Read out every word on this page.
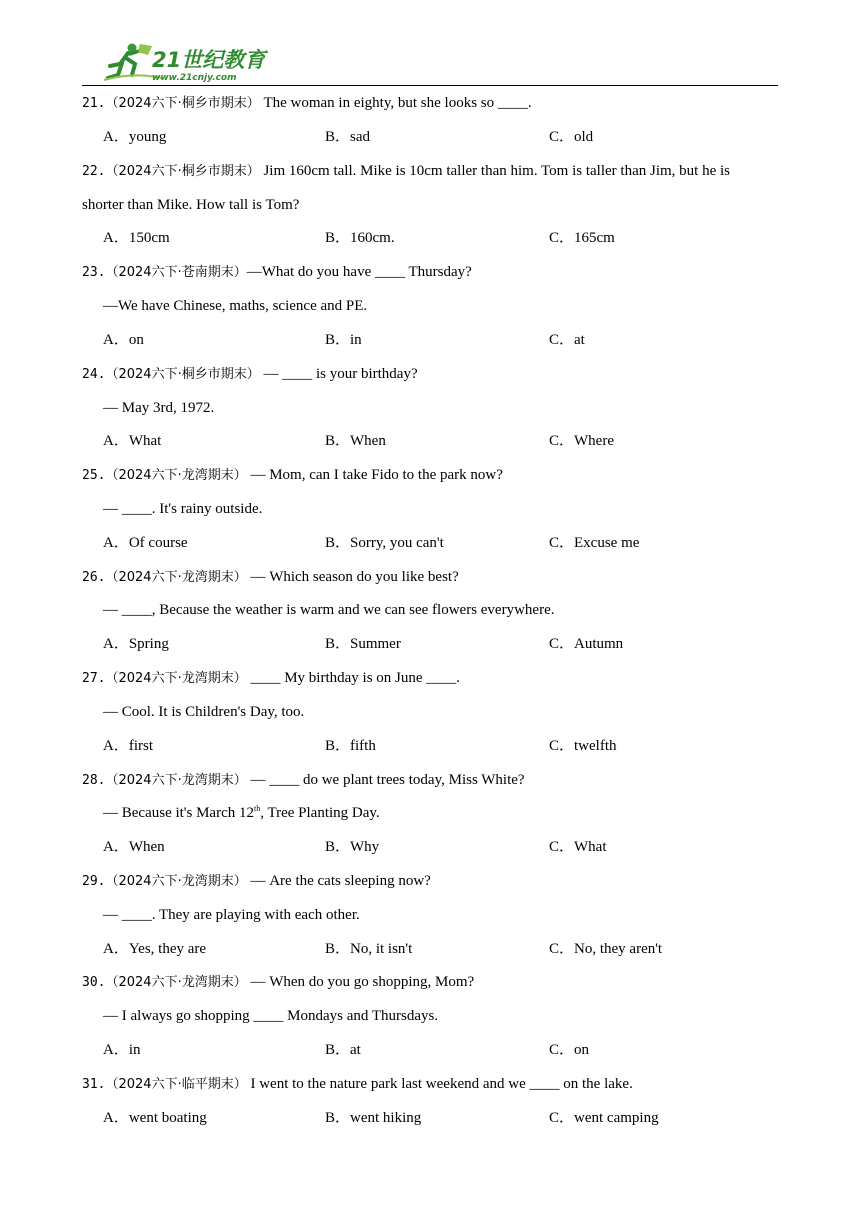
21世纪教育
www.21cnjy.com
21.（2024六下·桐乡市期末） The woman in eighty, but she looks so ____.
A．young	B．sad	C．old
22.（2024六下·桐乡市期末） Jim 160cm tall. Mike is 10cm taller than him. Tom is taller than Jim, but he is
shorter than Mike. How tall is Tom?
A．150cm	B．160cm.	C．165cm
23.（2024六下·苍南期末）—What do you have ____ Thursday?
—We have Chinese, maths, science and PE.
A．on	B．in	C．at
24.（2024六下·桐乡市期末） — ____ is your birthday?
— May 3rd, 1972.
A．What	B．When	C．Where
25.（2024六下·龙湾期末） — Mom, can I take Fido to the park now?
— ____. It's rainy outside.
A．Of course	B．Sorry, you can't	C．Excuse me
26.（2024六下·龙湾期末） — Which season do you like best?
— ____, Because the weather is warm and we can see flowers everywhere.
A．Spring	B．Summer	C．Autumn
27.（2024六下·龙湾期末） ____ My birthday is on June ____.
— Cool. It is Children's Day, too.
A．first	B．fifth	C．twelfth
28.（2024六下·龙湾期末） — ____ do we plant trees today, Miss White?
— Because it's March 12th, Tree Planting Day.
A．When	B．Why	C．What
29.（2024六下·龙湾期末） — Are the cats sleeping now?
— ____. They are playing with each other.
A．Yes, they are	B．No, it isn't	C．No, they aren't
30.（2024六下·龙湾期末） — When do you go shopping, Mom?
— I always go shopping ____ Mondays and Thursdays.
A．in	B．at	C．on
31.（2024六下·临平期末） I went to the nature park last weekend and we ____ on the lake.
A．went boating	B．went hiking	C．went camping
